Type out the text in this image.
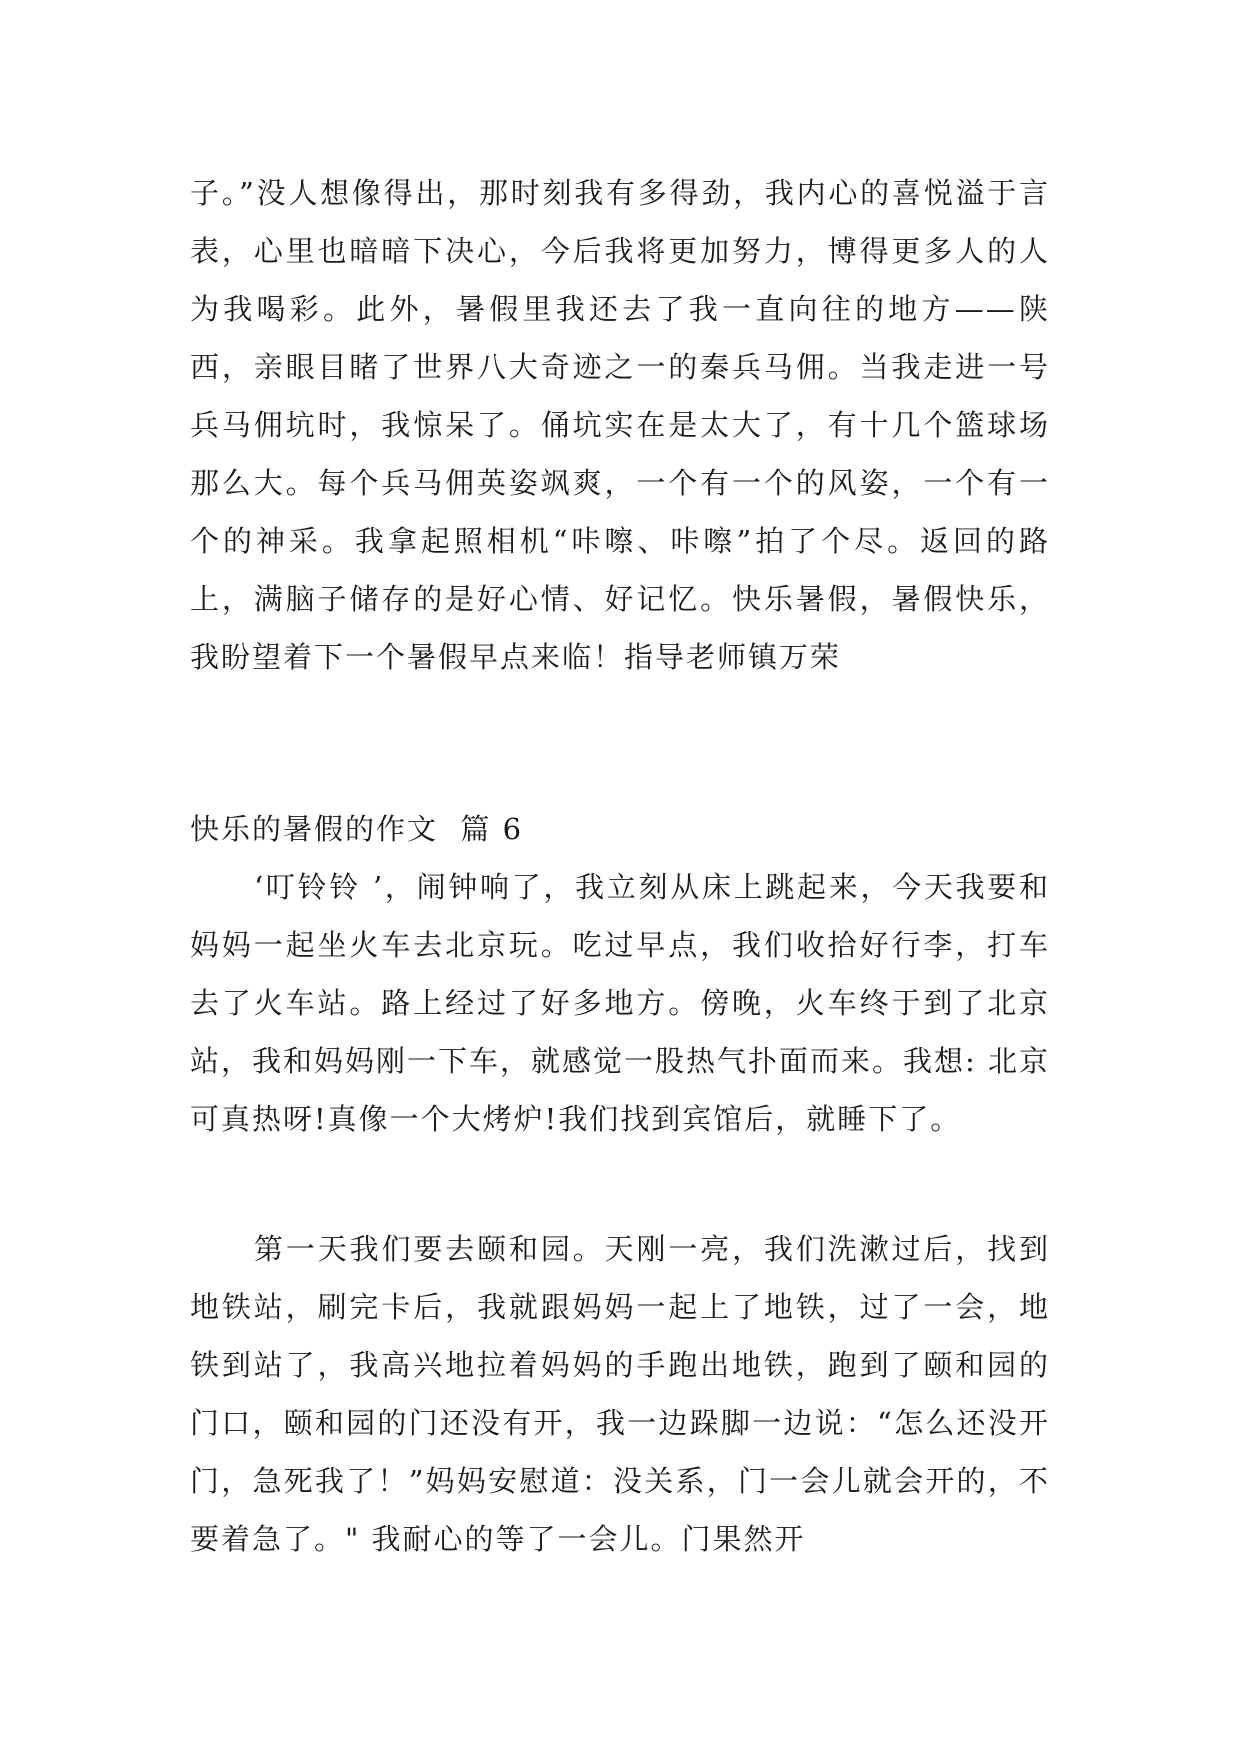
子。”没人想像得出，那时刻我有多得劲，我内心的喜悦溢于言表，心里也暗暗下决心，今后我将更加努力，博得更多人的人为我喝彩。此外，暑假里我还去了我一直向往的地方——陕西，亲眼目睹了世界八大奇迹之一的秦兵马佣。当我走进一号兵马佣坑时，我惊呆了。俑坑实在是太大了，有十几个篮球场那么大。每个兵马佣英姿飒爽，一个有一个的风姿，一个有一个的神采。我拿起照相机“咔嚓、咔嚓”拍了个尽。返回的路上，满脑子储存的是好心情、好记忆。快乐暑假，暑假快乐，我盼望着下一个暑假早点来临！指导老师镇万荣

快乐的暑假的作文  篇 6

‘叮铃铃 ’，闹钟响了，我立刻从床上跳起来，今天我要和 妈妈一起坐火车去北京玩。吃过早点，我们收拾好行李，打车去了火车站。路上经过了好多地方。傍晚，火车终于到了北京站，我和妈妈刚一下车，就感觉一股热气扑面而来。我想: 北京可真热呀!真像一个大烤炉!我们找到宾馆后，就睡下了。

第一天我们要去颐和园。天刚一亮，我们洗漱过后，找到地铁站，刷完卡后，我就跟妈妈一起上了地铁，过了一会，地铁到站了，我高兴地拉着妈妈的手跑出地铁，跑到了颐和园的门口，颐和园的门还没有开，我一边跺脚一边说：“怎么还没开门，急死我了！”妈妈安慰道：没关系，门一会儿就会开的，不要着急了。" 我耐心的等了一会儿。门果然开
